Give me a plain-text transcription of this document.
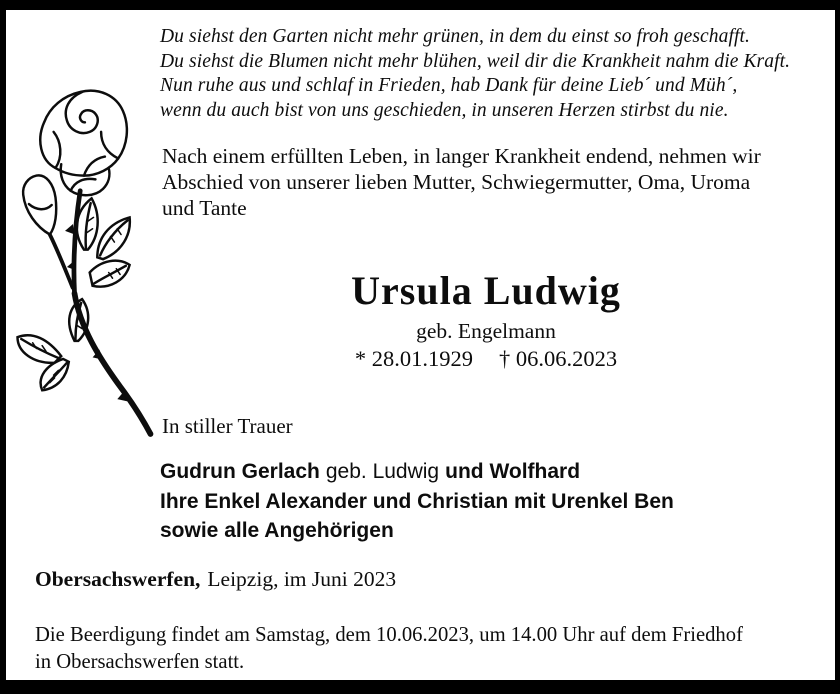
Du siehst den Garten nicht mehr grünen, in dem du einst so froh geschafft.
Du siehst die Blumen nicht mehr blühen, weil dir die Krankheit nahm die Kraft.
Nun ruhe aus und schlaf in Frieden, hab Dank für deine Lieb´ und Müh´,
wenn du auch bist von uns geschieden, in unseren Herzen stirbst du nie.
Nach einem erfüllten Leben, in langer Krankheit endend, nehmen wir
Abschied von unserer lieben Mutter, Schwiegermutter, Oma, Uroma
und Tante
Ursula Ludwig
geb. Engelmann
* 28.01.1929 † 06.06.2023
In stiller Trauer
Gudrun Gerlach geb. Ludwig und Wolfhard
Ihre Enkel Alexander und Christian mit Urenkel Ben
sowie alle Angehörigen
Obersachswerfen, Leipzig, im Juni 2023
Die Beerdigung findet am Samstag, dem 10.06.2023, um 14.00 Uhr auf dem Friedhof
in Obersachswerfen statt.
